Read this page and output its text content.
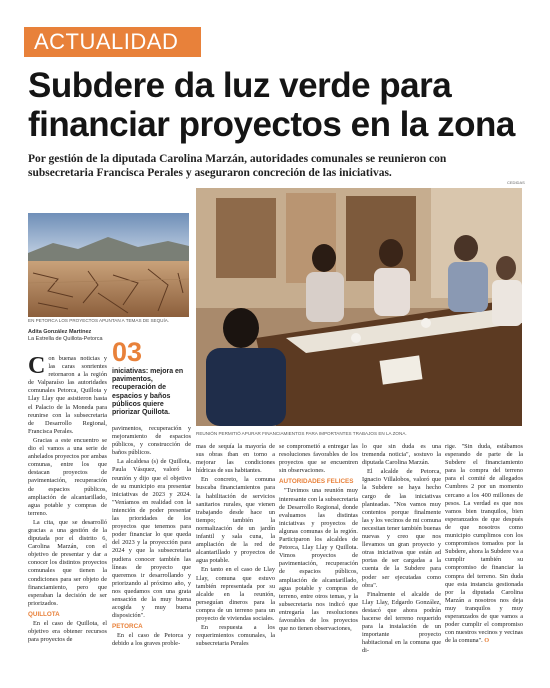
ACTUALIDAD
Subdere da luz verde para financiar proyectos en la zona

Por gestión de la diputada Carolina Marzán, autoridades comunales se reunieron con subsecretaria Francisca Perales y aseguraron concreción de las iniciativas.

CEDIDAS
EN PETORCA LOS PROYECTOS APUNTAN A TEMAS DE SEQUÍA.
REUNIÓN PERMITIÓ APURAR FINANCIAMIENTOS PARA IMPORTANTES TRABAJOS EN LA ZONA.
Adita González Martínez
La Estrella de Quillota-Petorca 03
iniciativas: mejora en pavimentos, recuperación de espacios y baños públicos quiere priorizar Quillota.

Con buenas noticias y las caras sonrientes retornaron a la región de Valparaíso las autoridades comunales Petorca, Quillota y Llay Llay que asistieron hasta el Palacio de la Moneda para reunirse con la subsecretaria de Desarrollo Regional, Francisca Perales.

Gracias a este encuentro se dio el vamos a una serie de anhelados proyectos por ambas comunas, entre los que destacan proyectos de pavimentación, recuperación de espacios públicos, ampliación de alcantarillado, agua potable y compras de terreno.

La cita, que se desarrolló gracias a una gestión de la diputada por el distrito 6, Carolina Marzán, con el objetivo de presentar y dar a conocer los distintos proyectos comunales que tienen la condiciones para ser objeto de financiamiento, pero que esperaban la decisión de ser priorizados.

QUILLOTA

En el caso de Quillota, el objetivo era obtener recursos para proyectos de

pavimentos, recuperación y mejoramiento de espacios públicos, y construcción de baños públicos.

La alcaldesa (s) de Quillota, Paula Vásquez, valoró la reunión y dijo que el objetivo de su municipio era presentar iniciativas de 2023 y 2024. "Veníamos en realidad con la intención de poder presentar las prioridades de los proyectos que tenemos para poder financiar lo que queda del 2023 y la proyección para 2024 y que la subsecretaria pudiera conocer también las líneas de proyecto que queremos ir desarrollando y priorizando al próximo año, y nos quedamos con una grata sensación de la muy buena acogida y muy buena disposición".

PETORCA

En el caso de Petorca y debido a los graves proble-

mas de sequía la mayoría de sus obras iban en torno a mejorar las condiciones hídricas de sus habitantes.

En concreto, la comuna buscaba financiamientos para la habilitación de servicios sanitarios rurales, que vienen trabajando desde hace un tiempo; también la normalización de un jardín infantil y sala cuna, la ampliación de la red de alcantarillado y proyectos de agua potable.

En tanto en el caso de Llay Llay, comuna que estuvo también representada por su alcalde en la reunión, perseguían dineros para la compra de un terreno para un proyecto de viviendas sociales.

En respuesta a los requerimientos comunales, la subsecretaria Perales

se comprometió a entregar las resoluciones favorables de los proyectos que se encuentren sin observaciones.

AUTORIDADES FELICES

"Tuvimos una reunión muy interesante con la subsecretaria de Desarrollo Regional, donde evaluamos las distintas iniciativas y proyectos de algunas comunas de la región. Participaron los alcaldes de Petorca, Llay Llay y Quillota. Vimos proyectos de pavimentación, recuperación de espacios públicos, ampliación de alcantarillado, agua potable y compras de terreno, entre otros temas, y la subsecretaria nos indicó que entregaría las resoluciones favorables de los proyectos que no tienen observaciones,

lo que sin duda es una tremenda noticia", sostuvo la diputada Carolina Marzán.

El alcalde de Petorca, Ignacio Villalobos, valoró que la Subdere se haya hecho cargo de las iniciativas planteadas. "Nos vamos muy contentos porque finalmente las y los vecinos de mi comuna necesitan tener también buenas nuevas y creo que nos llevamos un gran proyecto y otras iniciativas que están ad portas de ser cargadas a la cuenta de la Subdere para poder ser ejecutadas como obra".

Finalmente el alcalde de Llay Llay, Edgardo González, destacó que ahora podrán hacerse del terreno requerido para la instalación de un importante proyecto habitacional en la comuna que di-

rige. "Sin duda, estábamos esperando de parte de la Subdere el financiamiento para la compra del terreno para el comité de allegados Cumbres 2 por un momento cercano a los 400 millones de pesos. La verdad es que nos vamos bien tranquilos, bien esperanzados de que después de que nosotros como municipio cumplimos con los compromisos tomados por la Subdere, ahora la Subdere va a cumplir también su compromiso de financiar la compra del terreno. Sin duda que esta instancia gestionada por la diputada Carolina Marzán a nosotros nos deja muy tranquilos y muy esperanzados de que vamos a poder cumplir el compromiso con nuestros vecinos y vecinas de la comuna". O
